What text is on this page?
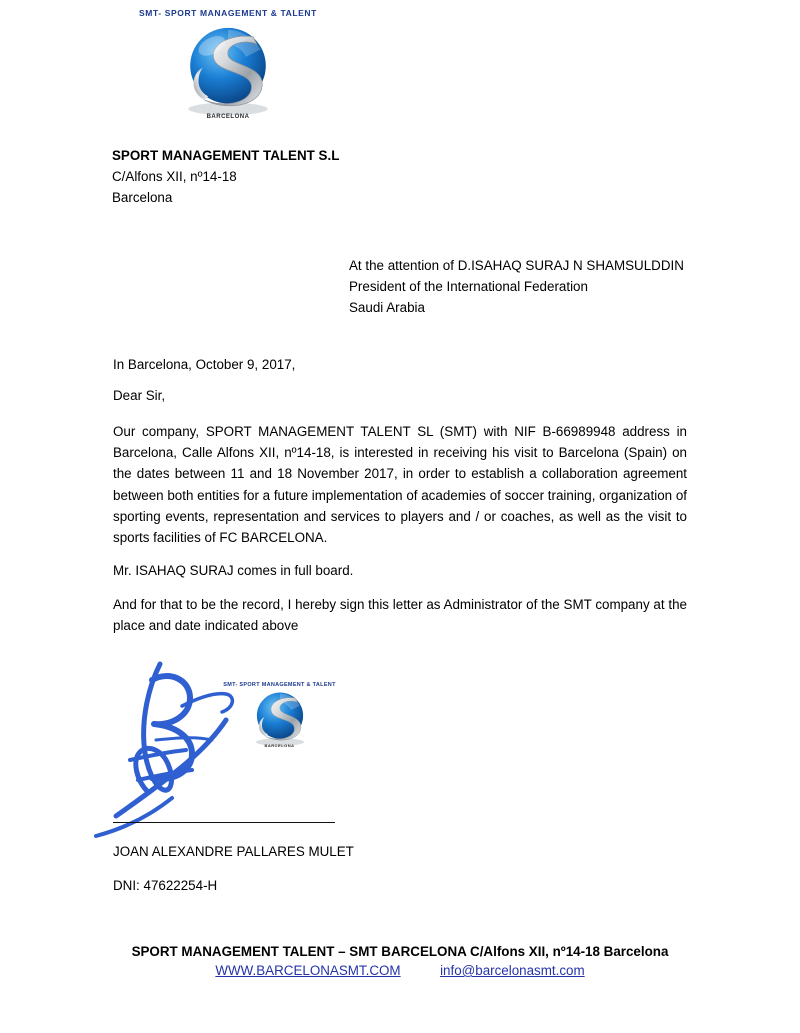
SMT- SPORT MANAGEMENT & TALENT
BARCELONA
SPORT MANAGEMENT TALENT S.L
C/Alfons XII, nº14-18
Barcelona
At the attention of D.ISAHAQ SURAJ N SHAMSULDDIN
President of the International Federation
Saudi Arabia
In Barcelona, October 9, 2017,
Dear Sir,
Our company, SPORT MANAGEMENT TALENT SL (SMT) with NIF B-66989948 address in Barcelona, Calle Alfons XII, nº14-18, is interested in receiving his visit to Barcelona (Spain) on the dates between 11 and 18 November 2017, in order to establish a collaboration agreement between both entities for a future implementation of academies of soccer training, organization of sporting events, representation and services to players and / or coaches, as well as the visit to sports facilities of FC BARCELONA.
Mr. ISAHAQ SURAJ comes in full board.
And for that to be the record, I hereby sign this letter as Administrator of the SMT company at the place and date indicated above
SMT- SPORT MANAGEMENT & TALENT
BARCELONA
JOAN ALEXANDRE PALLARES MULET
DNI: 47622254-H
SPORT MANAGEMENT TALENT – SMT BARCELONA C/Alfons XII, nº14-18 Barcelona
WWW.BARCELONASMT.COM	info@barcelonasmt.com
